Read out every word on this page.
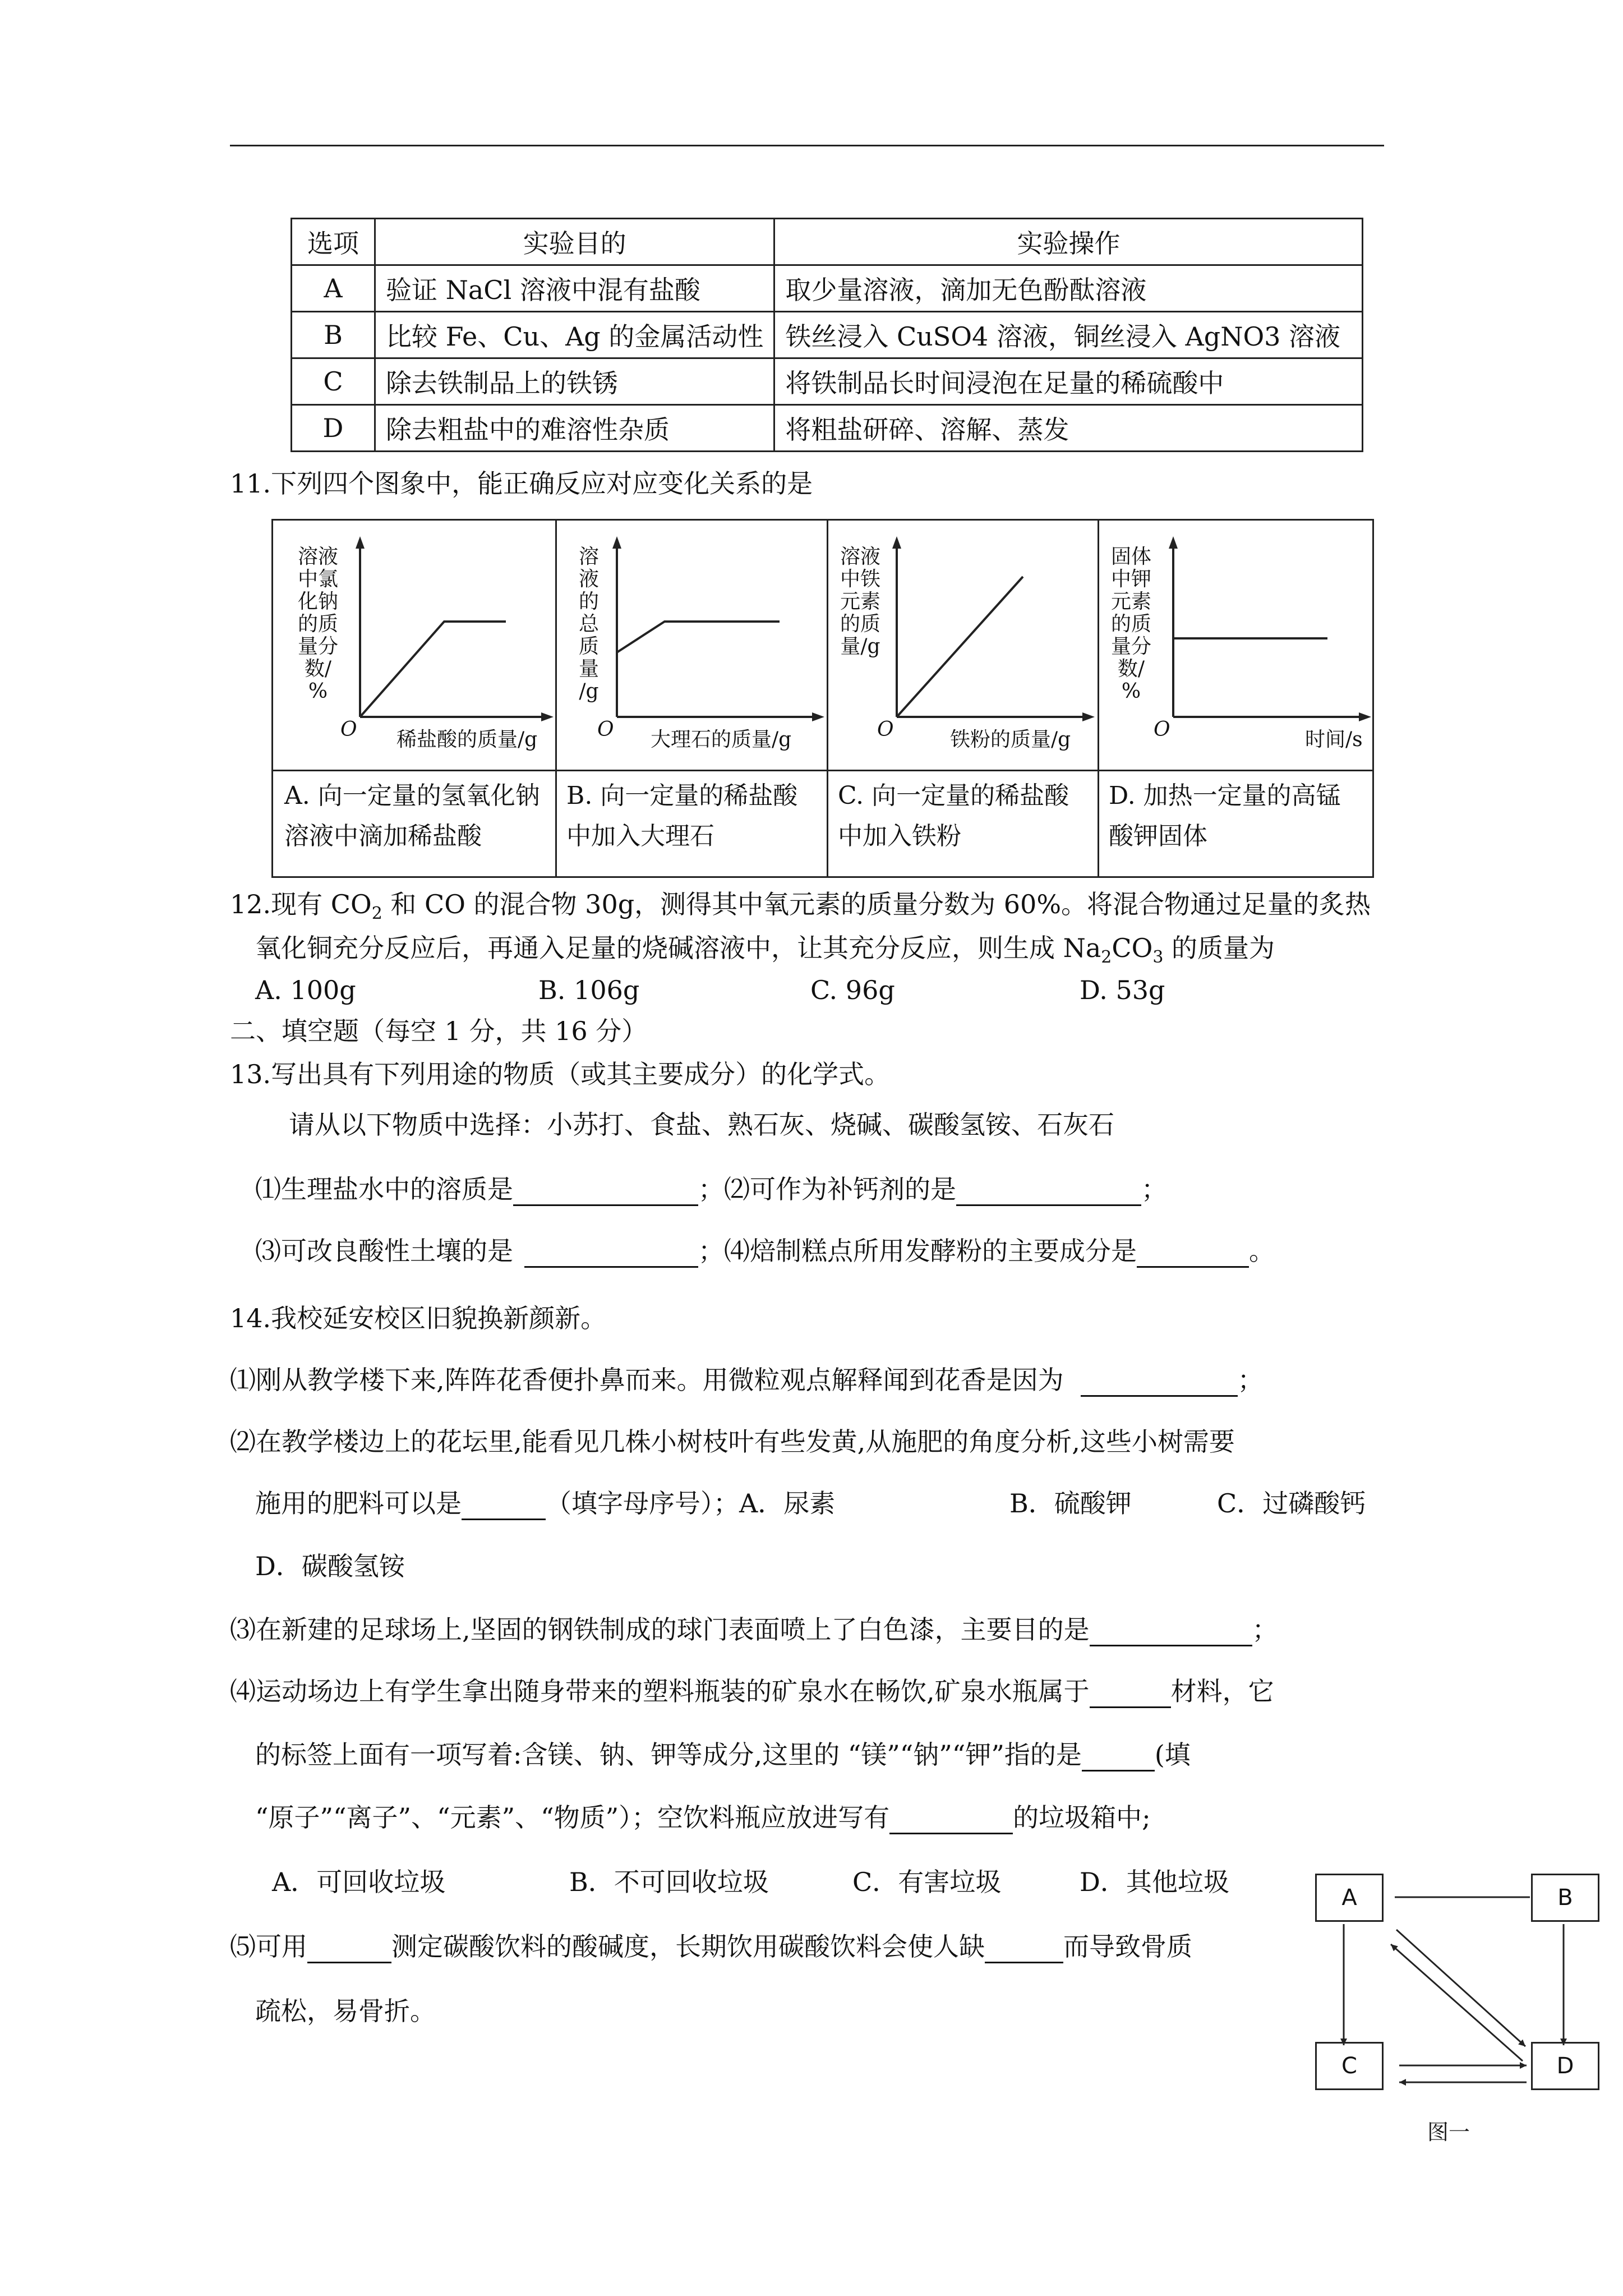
选项	实验目的	实验操作
A	验证 NaCl 溶液中混有盐酸	取少量溶液，滴加无色酚酞溶液
B	比较 Fe、Cu、Ag 的金属活动性	铁丝浸入 CuSO4 溶液，铜丝浸入 AgNO3 溶液
C	除去铁制品上的铁锈	将铁制品长时间浸泡在足量的稀硫酸中
D	除去粗盐中的难溶性杂质	将粗盐研碎、溶解、蒸发
11.下列四个图象中，能正确反应对应变化关系的是
溶液中氯化钠的质量分数/%
O 稀盐酸的质量/g
A. 向一定量的氢氧化钠溶液中滴加稀盐酸
溶液的总质量/g
O 大理石的质量/g
B. 向一定量的稀盐酸中加入大理石
溶液中铁元素的质量/g
O	铁粉的质量/g
C. 向一定量的稀盐酸中加入铁粉
固体中钾元素的质量分数/%
O	时间/s
D. 加热一定量的高锰酸钾固体
12.现有 $CO_2$ 和 CO 的混合物 30g，测得其中氧元素的质量分数为 60%。将混合物通过足量的炙热
氧化铜充分反应后，再通入足量的烧碱溶液中，让其充分反应，则生成 $Na_2CO_3$ 的质量为
A. 100g	B. 106g	C. 96g	D. 53g
二、填空题（每空 1 分，共 16 分）
13.写出具有下列用途的物质（或其主要成分）的化学式。
请从以下物质中选择：小苏打、食盐、熟石灰、烧碱、碳酸氢铵、石灰石
⑴生理盐水中的溶质是	；⑵可作为补钙剂的是	；
⑶可改良酸性土壤的是	；⑷焙制糕点所用发酵粉的主要成分是	。
14.我校延安校区旧貌换新颜新。
⑴刚从教学楼下来,阵阵花香便扑鼻而来。用微粒观点解释闻到花香是因为	；
⑵在教学楼边上的花坛里,能看见几株小树枝叶有些发黄,从施肥的角度分析,这些小树需要
施用的肥料可以是	（填字母序号）；A．尿素	B．硫酸钾	C．过磷酸钙
D．碳酸氢铵
⑶在新建的足球场上,坚固的钢铁制成的球门表面喷上了白色漆，主要目的是	；
⑷运动场边上有学生拿出随身带来的塑料瓶装的矿泉水在畅饮,矿泉水瓶属于	材料，它
的标签上面有一项写着:含镁、钠、钾等成分,这里的 “镁”“钠”“钾”指的是	(填
“原子”“离子”、“元素”、“物质”）；空饮料瓶应放进写有	的垃圾箱中;
A．可回收垃圾	B．不可回收垃圾	C．有害垃圾	D．其他垃圾
⑸可用	测定碳酸饮料的酸碱度，长期饮用碳酸饮料会使人缺	而导致骨质
疏松，易骨折。
A	B
C	D
图一
